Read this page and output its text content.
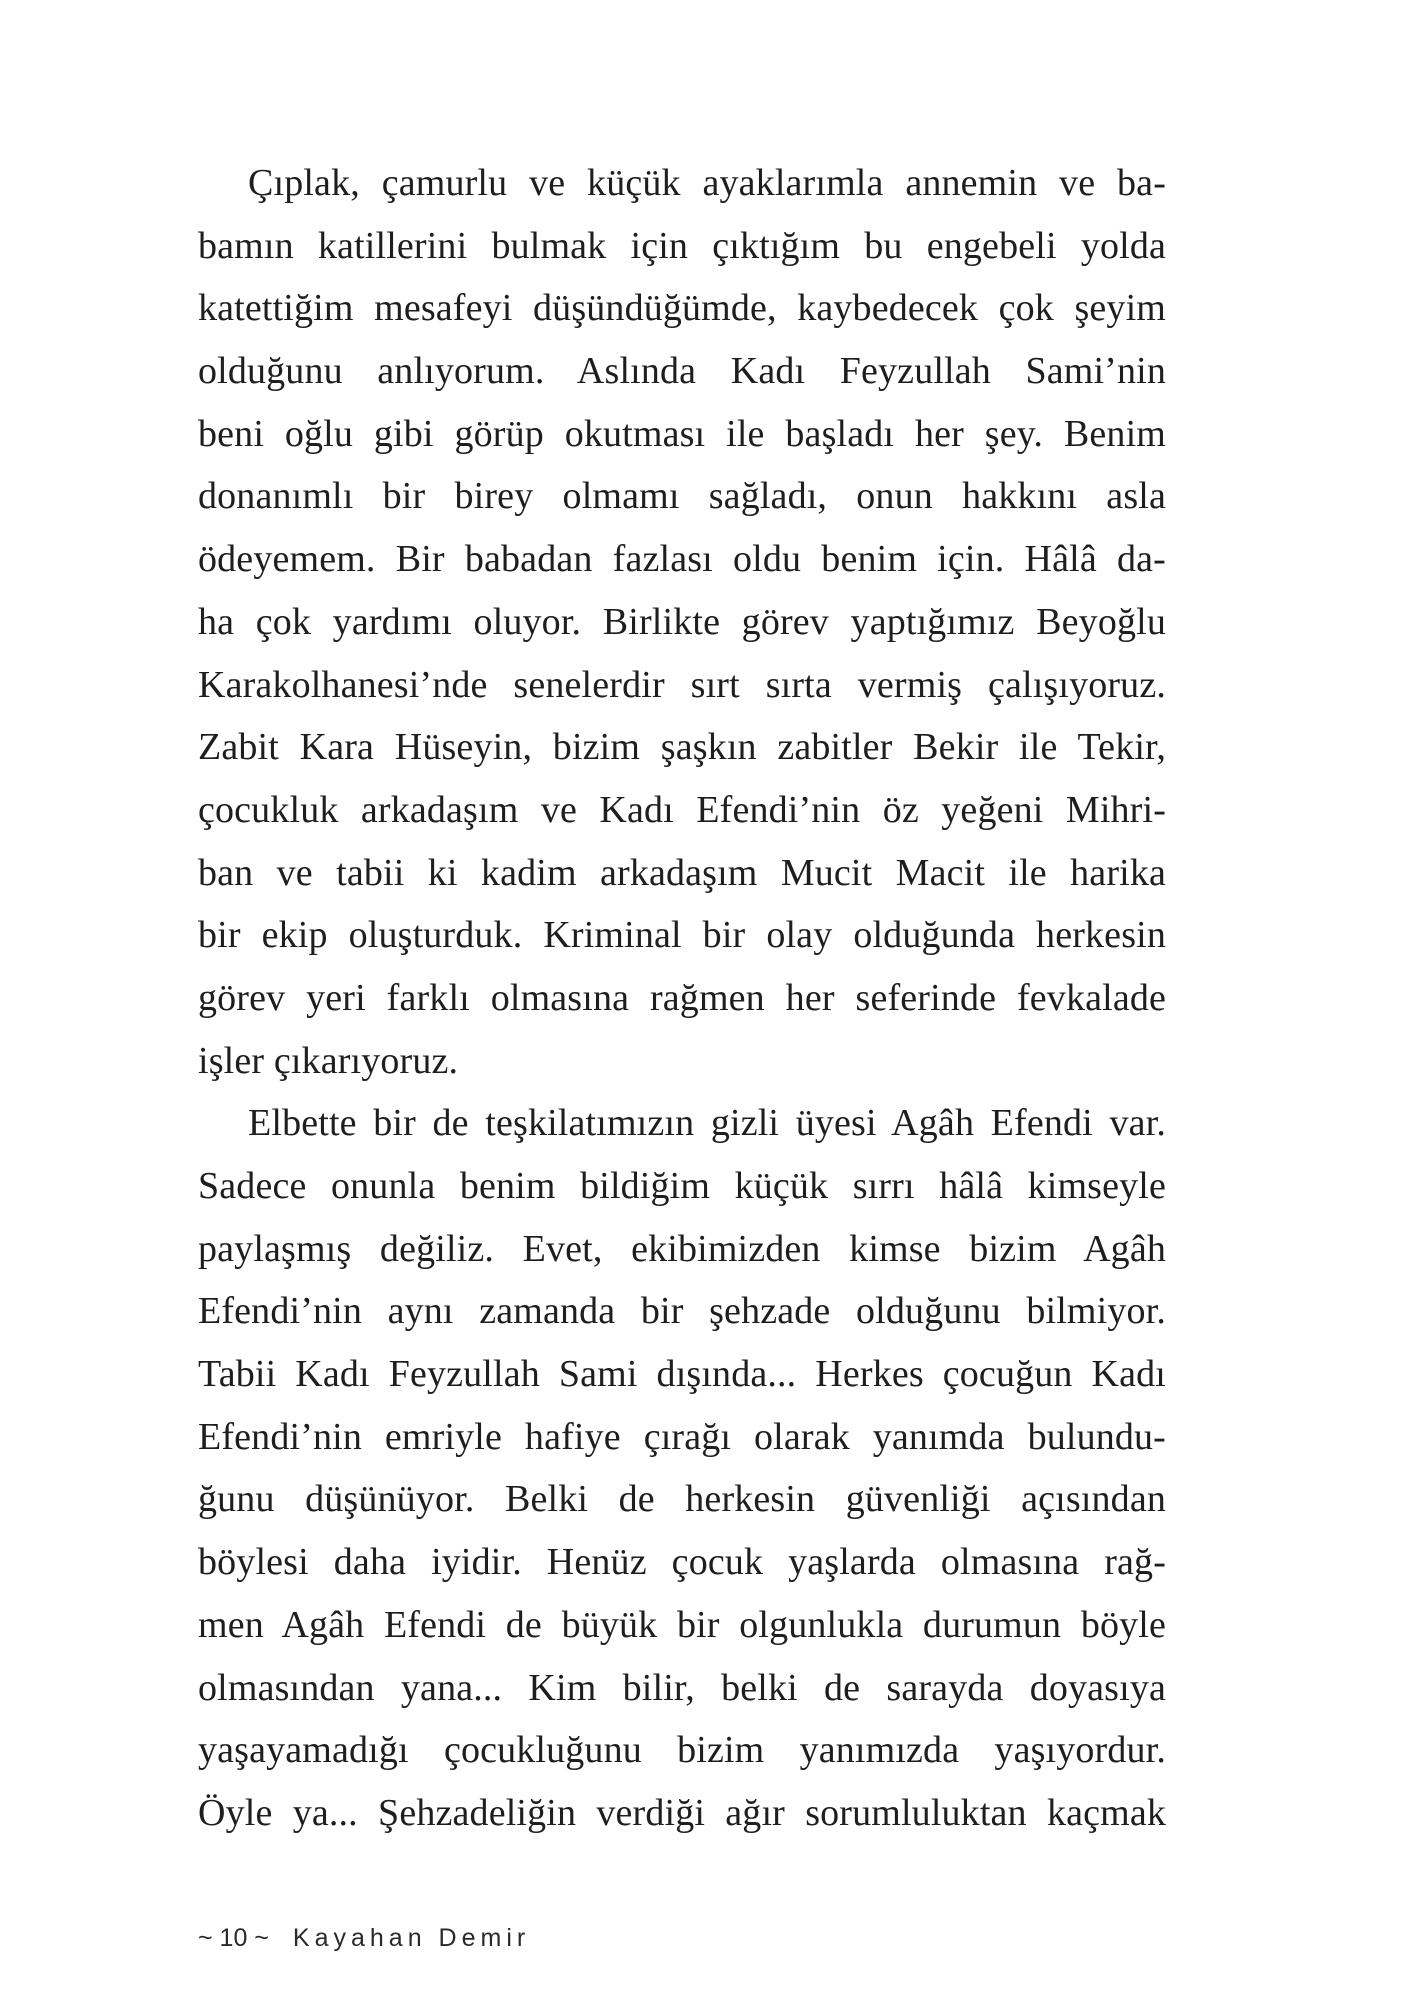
Çıplak, çamurlu ve küçük ayaklarımla annemin ve ba-
bamın katillerini bulmak için çıktığım bu engebeli yolda
katettiğim mesafeyi düşündüğümde, kaybedecek çok şeyim
olduğunu anlıyorum. Aslında Kadı Feyzullah Sami’nin
beni oğlu gibi görüp okutması ile başladı her şey. Benim
donanımlı bir birey olmamı sağladı, onun hakkını asla
ödeyemem. Bir babadan fazlası oldu benim için. Hâlâ da-
ha çok yardımı oluyor. Birlikte görev yaptığımız Beyoğlu
Karakolhanesi’nde senelerdir sırt sırta vermiş çalışıyoruz.
Zabit Kara Hüseyin, bizim şaşkın zabitler Bekir ile Tekir,
çocukluk arkadaşım ve Kadı Efendi’nin öz yeğeni Mihri-
ban ve tabii ki kadim arkadaşım Mucit Macit ile harika
bir ekip oluşturduk. Kriminal bir olay olduğunda herkesin
görev yeri farklı olmasına rağmen her seferinde fevkalade
işler çıkarıyoruz.
Elbette bir de teşkilatımızın gizli üyesi Agâh Efendi var.
Sadece onunla benim bildiğim küçük sırrı hâlâ kimseyle
paylaşmış değiliz. Evet, ekibimizden kimse bizim Agâh
Efendi’nin aynı zamanda bir şehzade olduğunu bilmiyor.
Tabii Kadı Feyzullah Sami dışında... Herkes çocuğun Kadı
Efendi’nin emriyle hafiye çırağı olarak yanımda bulundu-
ğunu düşünüyor. Belki de herkesin güvenliği açısından
böylesi daha iyidir. Henüz çocuk yaşlarda olmasına rağ-
men Agâh Efendi de büyük bir olgunlukla durumun böyle
olmasından yana... Kim bilir, belki de sarayda doyasıya
yaşayamadığı çocukluğunu bizim yanımızda yaşıyordur.
Öyle ya... Şehzadeliğin verdiği ağır sorumluluktan kaçmak
~ 10 ~ Kayahan Demir
